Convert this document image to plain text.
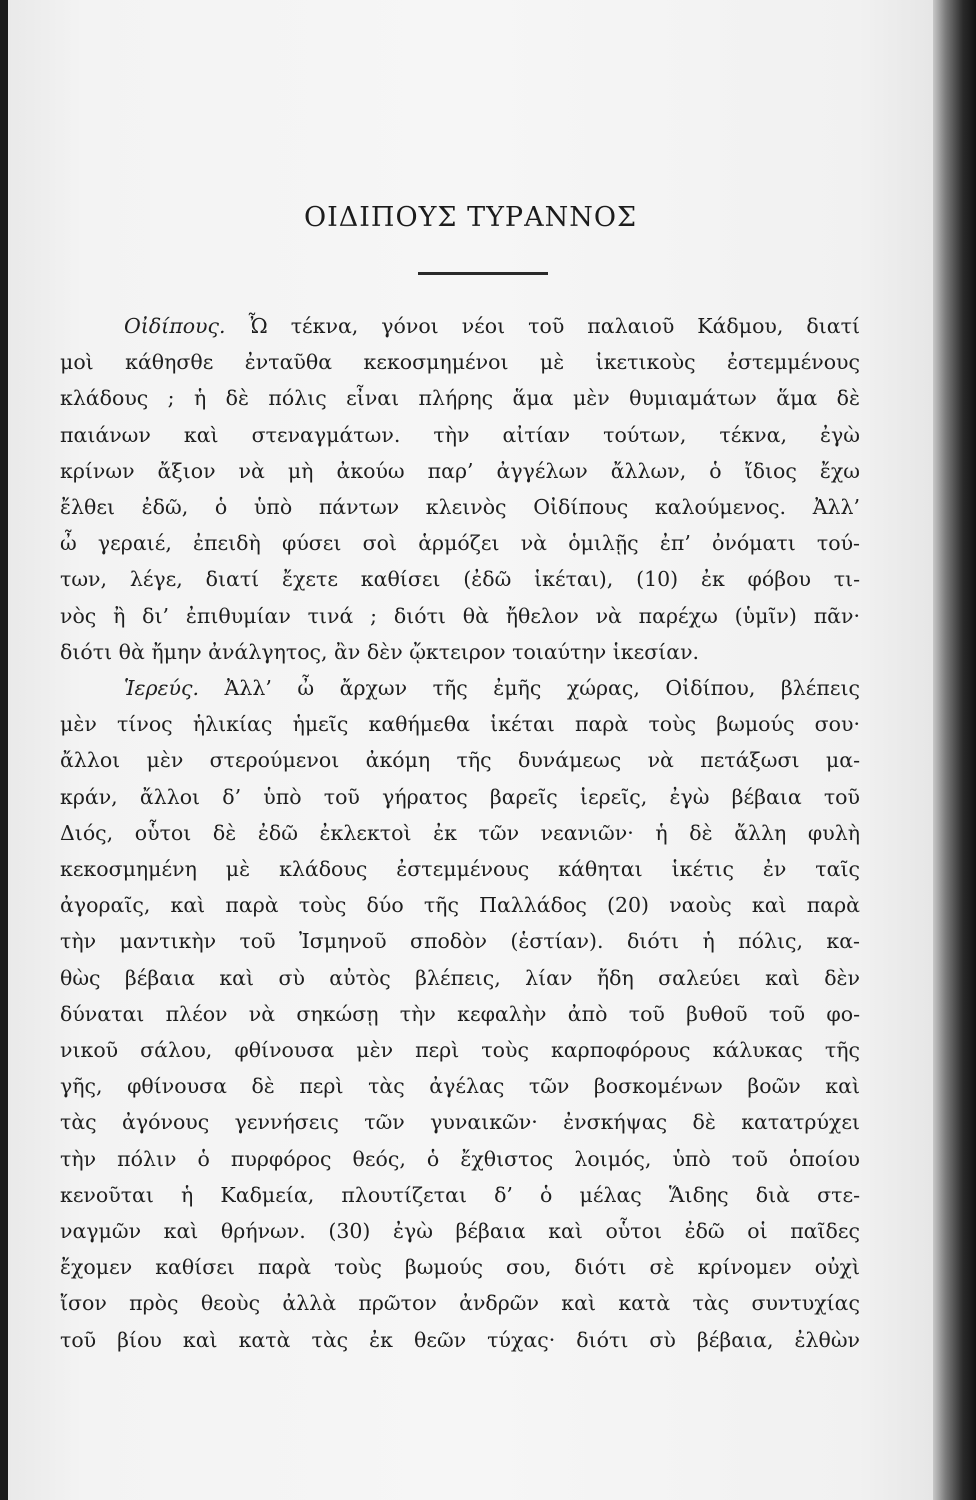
ΟΙΔΙΠΟΥΣ ΤΥΡΑΝΝΟΣ
Οἰδίπους. Ὦ τέκνα, γόνοι νέοι τοῦ παλαιοῦ Κάδμου, διατί
μοὶ κάθησθε ἐνταῦθα κεκοσμημένοι μὲ ἱκετικοὺς ἐστεμμένους
κλάδους ; ἡ δὲ πόλις εἶναι πλήρης ἅμα μὲν θυμιαμάτων ἅμα δὲ
παιάνων καὶ στεναγμάτων. τὴν αἰτίαν τούτων, τέκνα, ἐγὼ
κρίνων ἄξιον νὰ μὴ ἀκούω παρ’ ἀγγέλων ἄλλων, ὁ ἴδιος ἔχω
ἔλθει ἐδῶ, ὁ ὑπὸ πάντων κλεινὸς Οἰδίπους καλούμενος. Ἀλλ’
ὦ γεραιέ, ἐπειδὴ φύσει σοὶ ἁρμόζει νὰ ὁμιλῇς ἐπ’ ὀνόματι τού-
των, λέγε, διατί ἔχετε καθίσει (ἐδῶ ἱκέται), (10) ἐκ φόβου τι-
νὸς ἢ δι’ ἐπιθυμίαν τινά ; διότι θὰ ἤθελον νὰ παρέχω (ὑμῖν) πᾶν·
διότι θὰ ἤμην ἀνάλγητος, ἂν δὲν ᾤκτειρον τοιαύτην ἱκεσίαν.
Ἱερεύς. Ἀλλ’ ὦ ἄρχων τῆς ἐμῆς χώρας, Οἰδίπου, βλέπεις
μὲν τίνος ἡλικίας ἡμεῖς καθήμεθα ἱκέται παρὰ τοὺς βωμούς σου·
ἄλλοι μὲν στερούμενοι ἀκόμη τῆς δυνάμεως νὰ πετάξωσι μα-
κράν, ἄλλοι δ’ ὑπὸ τοῦ γήρατος βαρεῖς ἱερεῖς, ἐγὼ βέβαια τοῦ
Διός, οὗτοι δὲ ἐδῶ ἐκλεκτοὶ ἐκ τῶν νεανιῶν· ἡ δὲ ἄλλη φυλὴ
κεκοσμημένη μὲ κλάδους ἐστεμμένους κάθηται ἱκέτις ἐν ταῖς
ἀγοραῖς, καὶ παρὰ τοὺς δύο τῆς Παλλάδος (20) ναοὺς καὶ παρὰ
τὴν μαντικὴν τοῦ Ἰσμηνοῦ σποδὸν (ἑστίαν). διότι ἡ πόλις, κα-
θὼς βέβαια καὶ σὺ αὐτὸς βλέπεις, λίαν ἤδη σαλεύει καὶ δὲν
δύναται πλέον νὰ σηκώσῃ τὴν κεφαλὴν ἀπὸ τοῦ βυθοῦ τοῦ φο-
νικοῦ σάλου, φθίνουσα μὲν περὶ τοὺς καρποφόρους κάλυκας τῆς
γῆς, φθίνουσα δὲ περὶ τὰς ἀγέλας τῶν βοσκομένων βοῶν καὶ
τὰς ἀγόνους γεννήσεις τῶν γυναικῶν· ἐνσκήψας δὲ κατατρύχει
τὴν πόλιν ὁ πυρφόρος θεός, ὁ ἔχθιστος λοιμός, ὑπὸ τοῦ ὁποίου
κενοῦται ἡ Καδμεία, πλουτίζεται δ’ ὁ μέλας Ἅιδης διὰ στε-
ναγμῶν καὶ θρήνων. (30) ἐγὼ βέβαια καὶ οὗτοι ἐδῶ οἱ παῖδες
ἔχομεν καθίσει παρὰ τοὺς βωμούς σου, διότι σὲ κρίνομεν οὐχὶ
ἴσον πρὸς θεοὺς ἀλλὰ πρῶτον ἀνδρῶν καὶ κατὰ τὰς συντυχίας
τοῦ βίου καὶ κατὰ τὰς ἐκ θεῶν τύχας· διότι σὺ βέβαια, ἐλθὼν
